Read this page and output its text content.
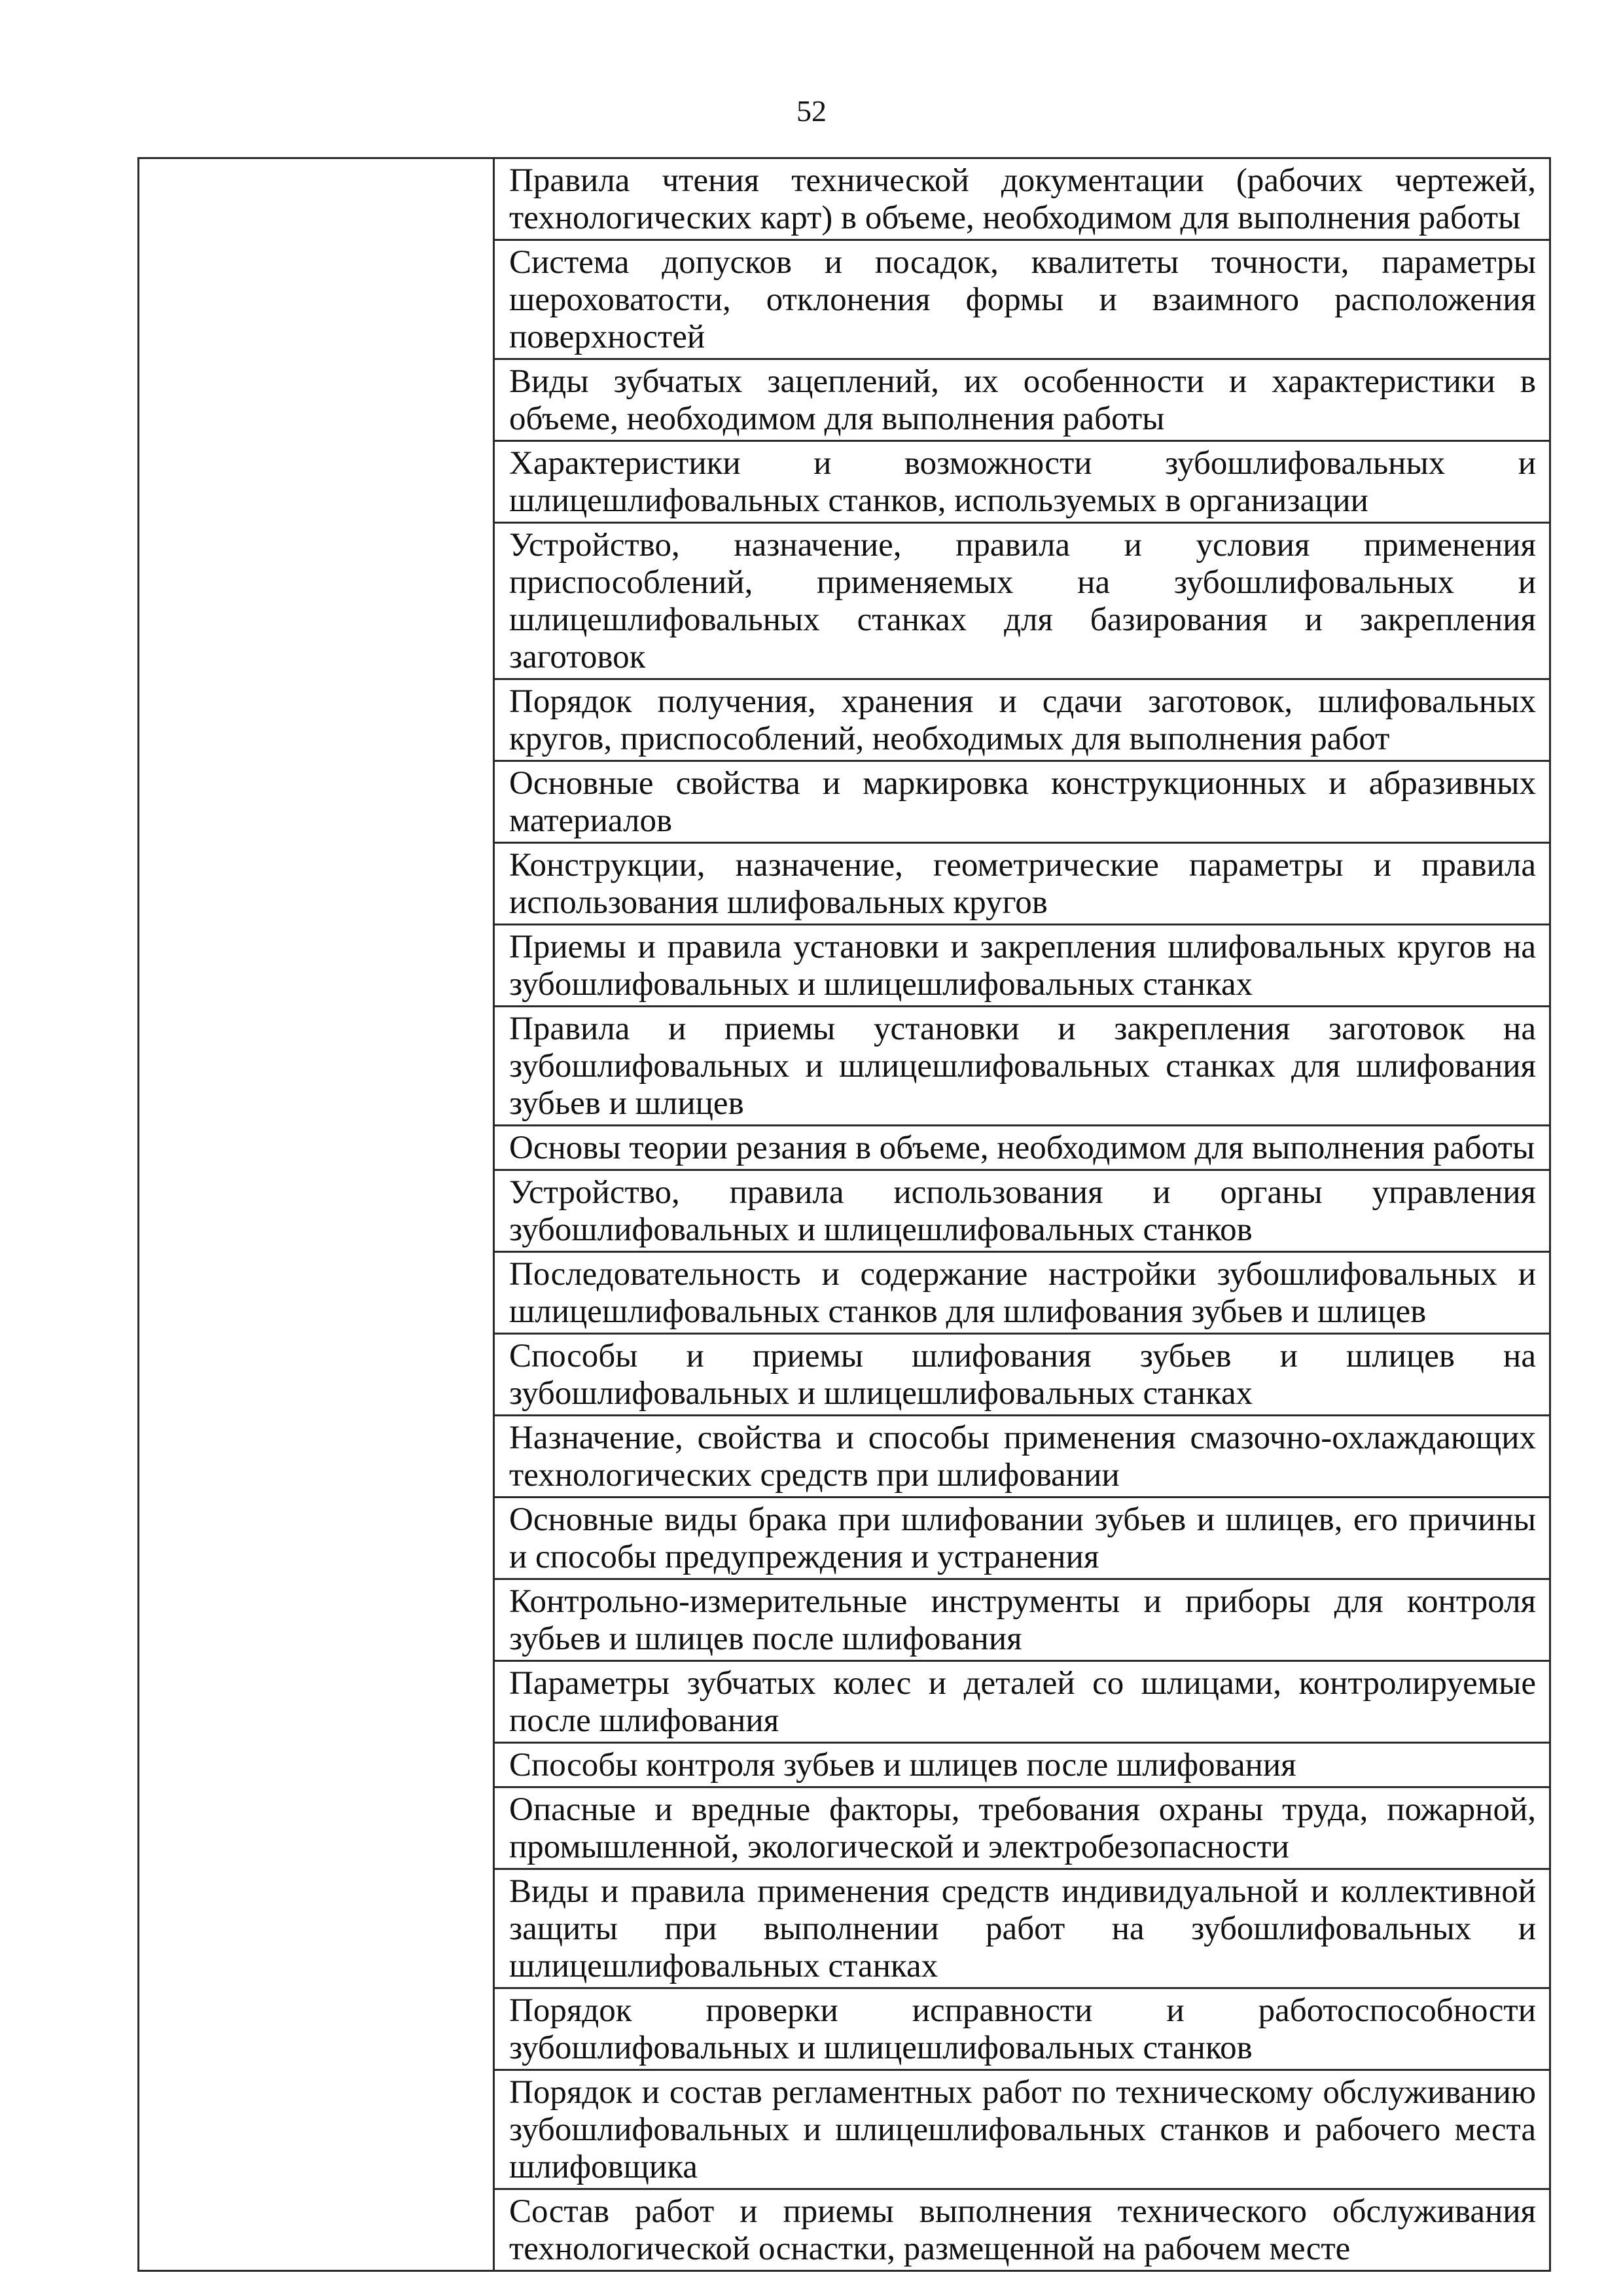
52

Правила чтения технической документации (рабочих чертежей, технологических карт) в объеме, необходимом для выполнения работы

Система допусков и посадок, квалитеты точности, параметры шероховатости, отклонения формы и взаимного расположения поверхностей

Виды зубчатых зацеплений, их особенности и характеристики в объеме, необходимом для выполнения работы

Характеристики и возможности зубошлифовальных и шлицешлифовальных станков, используемых в организации

Устройство, назначение, правила и условия применения приспособлений, применяемых на зубошлифовальных и шлицешлифовальных станках для базирования и закрепления заготовок

Порядок получения, хранения и сдачи заготовок, шлифовальных кругов, приспособлений, необходимых для выполнения работ

Основные свойства и маркировка конструкционных и абразивных материалов

Конструкции, назначение, геометрические параметры и правила использования шлифовальных кругов

Приемы и правила установки и закрепления шлифовальных кругов на зубошлифовальных и шлицешлифовальных станках

Правила и приемы установки и закрепления заготовок на зубошлифовальных и шлицешлифовальных станках для шлифования зубьев и шлицев

Основы теории резания в объеме, необходимом для выполнения работы

Устройство, правила использования и органы управления зубошлифовальных и шлицешлифовальных станков

Последовательность и содержание настройки зубошлифовальных и шлицешлифовальных станков для шлифования зубьев и шлицев

Способы и приемы шлифования зубьев и шлицев на зубошлифовальных и шлицешлифовальных станках

Назначение, свойства и способы применения смазочно-охлаждающих технологических средств при шлифовании

Основные виды брака при шлифовании зубьев и шлицев, его причины и способы предупреждения и устранения

Контрольно-измерительные инструменты и приборы для контроля зубьев и шлицев после шлифования

Параметры зубчатых колес и деталей со шлицами, контролируемые после шлифования

Способы контроля зубьев и шлицев после шлифования

Опасные и вредные факторы, требования охраны труда, пожарной, промышленной, экологической и электробезопасности

Виды и правила применения средств индивидуальной и коллективной защиты при выполнении работ на зубошлифовальных и шлицешлифовальных станках

Порядок проверки исправности и работоспособности зубошлифовальных и шлицешлифовальных станков

Порядок и состав регламентных работ по техническому обслуживанию зубошлифовальных и шлицешлифовальных станков и рабочего места шлифовщика

Состав работ и приемы выполнения технического обслуживания технологической оснастки, размещенной на рабочем месте
